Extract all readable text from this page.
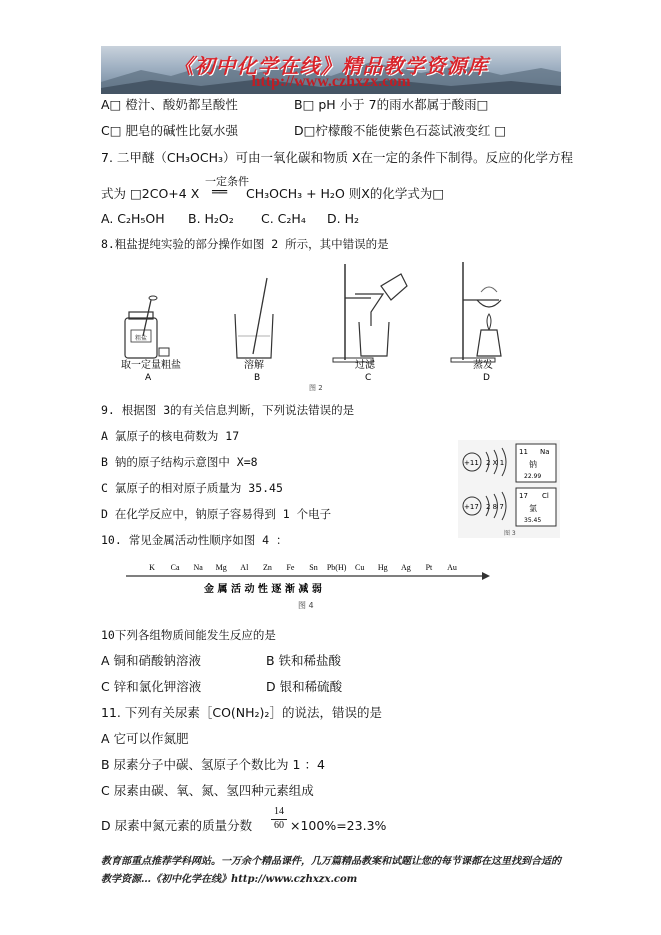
《初中化学在线》精品教学资源库
http://www.czhxzx.com
A□ 橙汁、酸奶都呈酸性	B□ pH 小于 7的雨水都属于酸雨□
C□ 肥皂的碱性比氨水强	D□柠檬酸不能使紫色石蕊试液变红 □
7. 二甲醚（CH₃OCH₃）可由一氧化碳和物质 X在一定的条件下制得。反应的化学方程
式为 □2CO+4 X
一定条件
══ CH₃OCH₃ + H₂O 则X的化学式为□
A. C₂H₅OH B. H₂O₂ C. C₂H₄ D. H₂
8.粗盐提纯实验的部分操作如图 2 所示，其中错误的是
粗盐
取一定量粗盐	溶解	过滤	蒸发
A	B	C	D
图 2
9. 根据图 3的有关信息判断，下列说法错误的是
A 氯原子的核电荷数为 17
B 钠的原子结构示意图中 X=8
C 氯原子的相对原子质量为 35.45
D 在化学反应中，钠原子容易得到 1 个电子
+11 2 X 1
11 Na
钠
22.99
+17 2 8 7
17 Cl
氯
35.45
图 3
10. 常见金属活动性顺序如图 4 ：
K Ca Na Mg Al Zn Fe Sn Pb(H) Cu Hg Ag Pt Au
金 属 活 动 性 逐 渐 减 弱
图 4
10下列各组物质间能发生反应的是
A 铜和硝酸钠溶液	B 铁和稀盐酸
C 锌和氯化钾溶液	D 银和稀硫酸
11. 下列有关尿素［CO(NH₂)₂］的说法，错误的是
A 它可以作氮肥
B 尿素分子中碳、氢原子个数比为 1 ：4
C 尿素由碳、氧、氮、氢四种元素组成
D 尿素中氮元素的质量分数
14
60 ×100%=23.3%
教育部重点推荐学科网站。一万余个精品课件，几万篇精品教案和试题让您的每节课都在这里找到合适的
教学资源…《初中化学在线》http://www.czhxzx.com
